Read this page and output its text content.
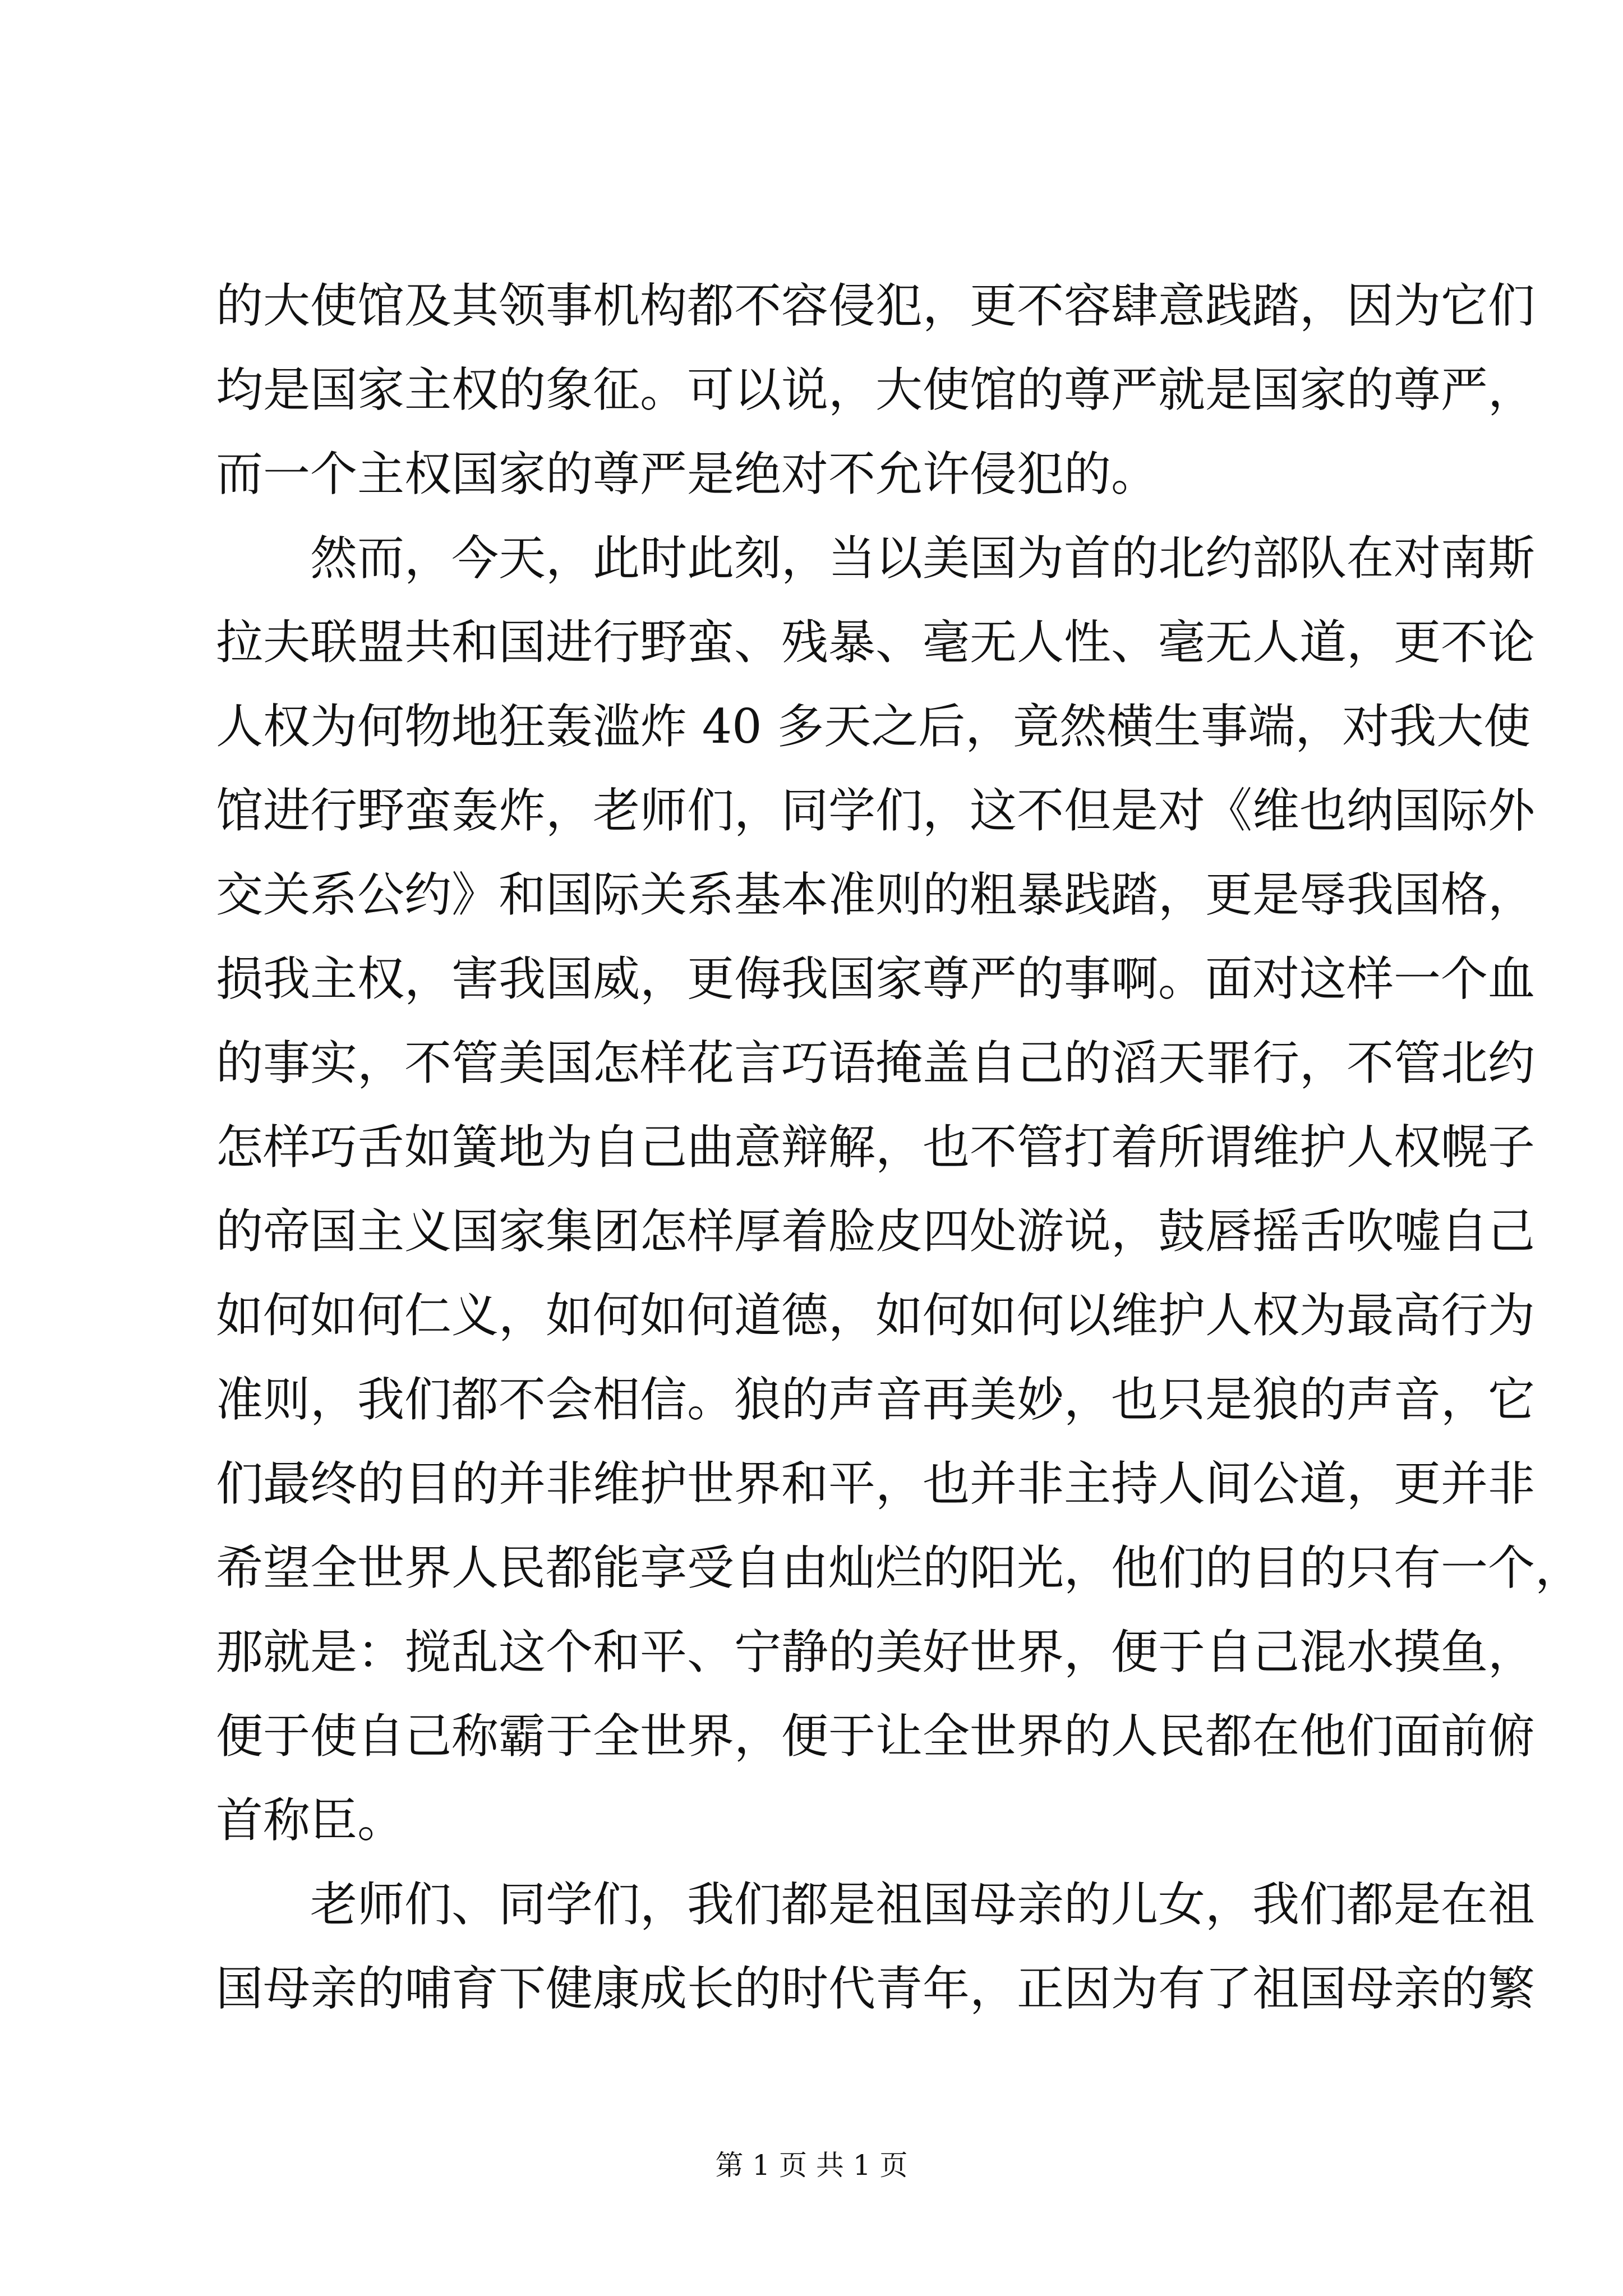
的大使馆及其领事机构都不容侵犯，更不容肆意践踏，因为它们
均是国家主权的象征。可以说，大使馆的尊严就是国家的尊严，
而一个主权国家的尊严是绝对不允许侵犯的。
然而，今天，此时此刻，当以美国为首的北约部队在对南斯
拉夫联盟共和国进行野蛮、残暴、毫无人性、毫无人道，更不论
人权为何物地狂轰滥炸 40 多天之后，竟然横生事端，对我大使
馆进行野蛮轰炸，老师们，同学们，这不但是对《维也纳国际外
交关系公约》和国际关系基本准则的粗暴践踏，更是辱我国格，
损我主权，害我国威，更侮我国家尊严的事啊。面对这样一个血
的事实，不管美国怎样花言巧语掩盖自己的滔天罪行，不管北约
怎样巧舌如簧地为自己曲意辩解，也不管打着所谓维护人权幌子
的帝国主义国家集团怎样厚着脸皮四处游说，鼓唇摇舌吹嘘自己
如何如何仁义，如何如何道德，如何如何以维护人权为最高行为
准则，我们都不会相信。狼的声音再美妙，也只是狼的声音，它
们最终的目的并非维护世界和平，也并非主持人间公道，更并非
希望全世界人民都能享受自由灿烂的阳光，他们的目的只有一个，
那就是：搅乱这个和平、宁静的美好世界，便于自己混水摸鱼，
便于使自己称霸于全世界，便于让全世界的人民都在他们面前俯
首称臣。
老师们、同学们，我们都是祖国母亲的儿女，我们都是在祖
国母亲的哺育下健康成长的时代青年，正因为有了祖国母亲的繁
第 1 页 共 1 页
